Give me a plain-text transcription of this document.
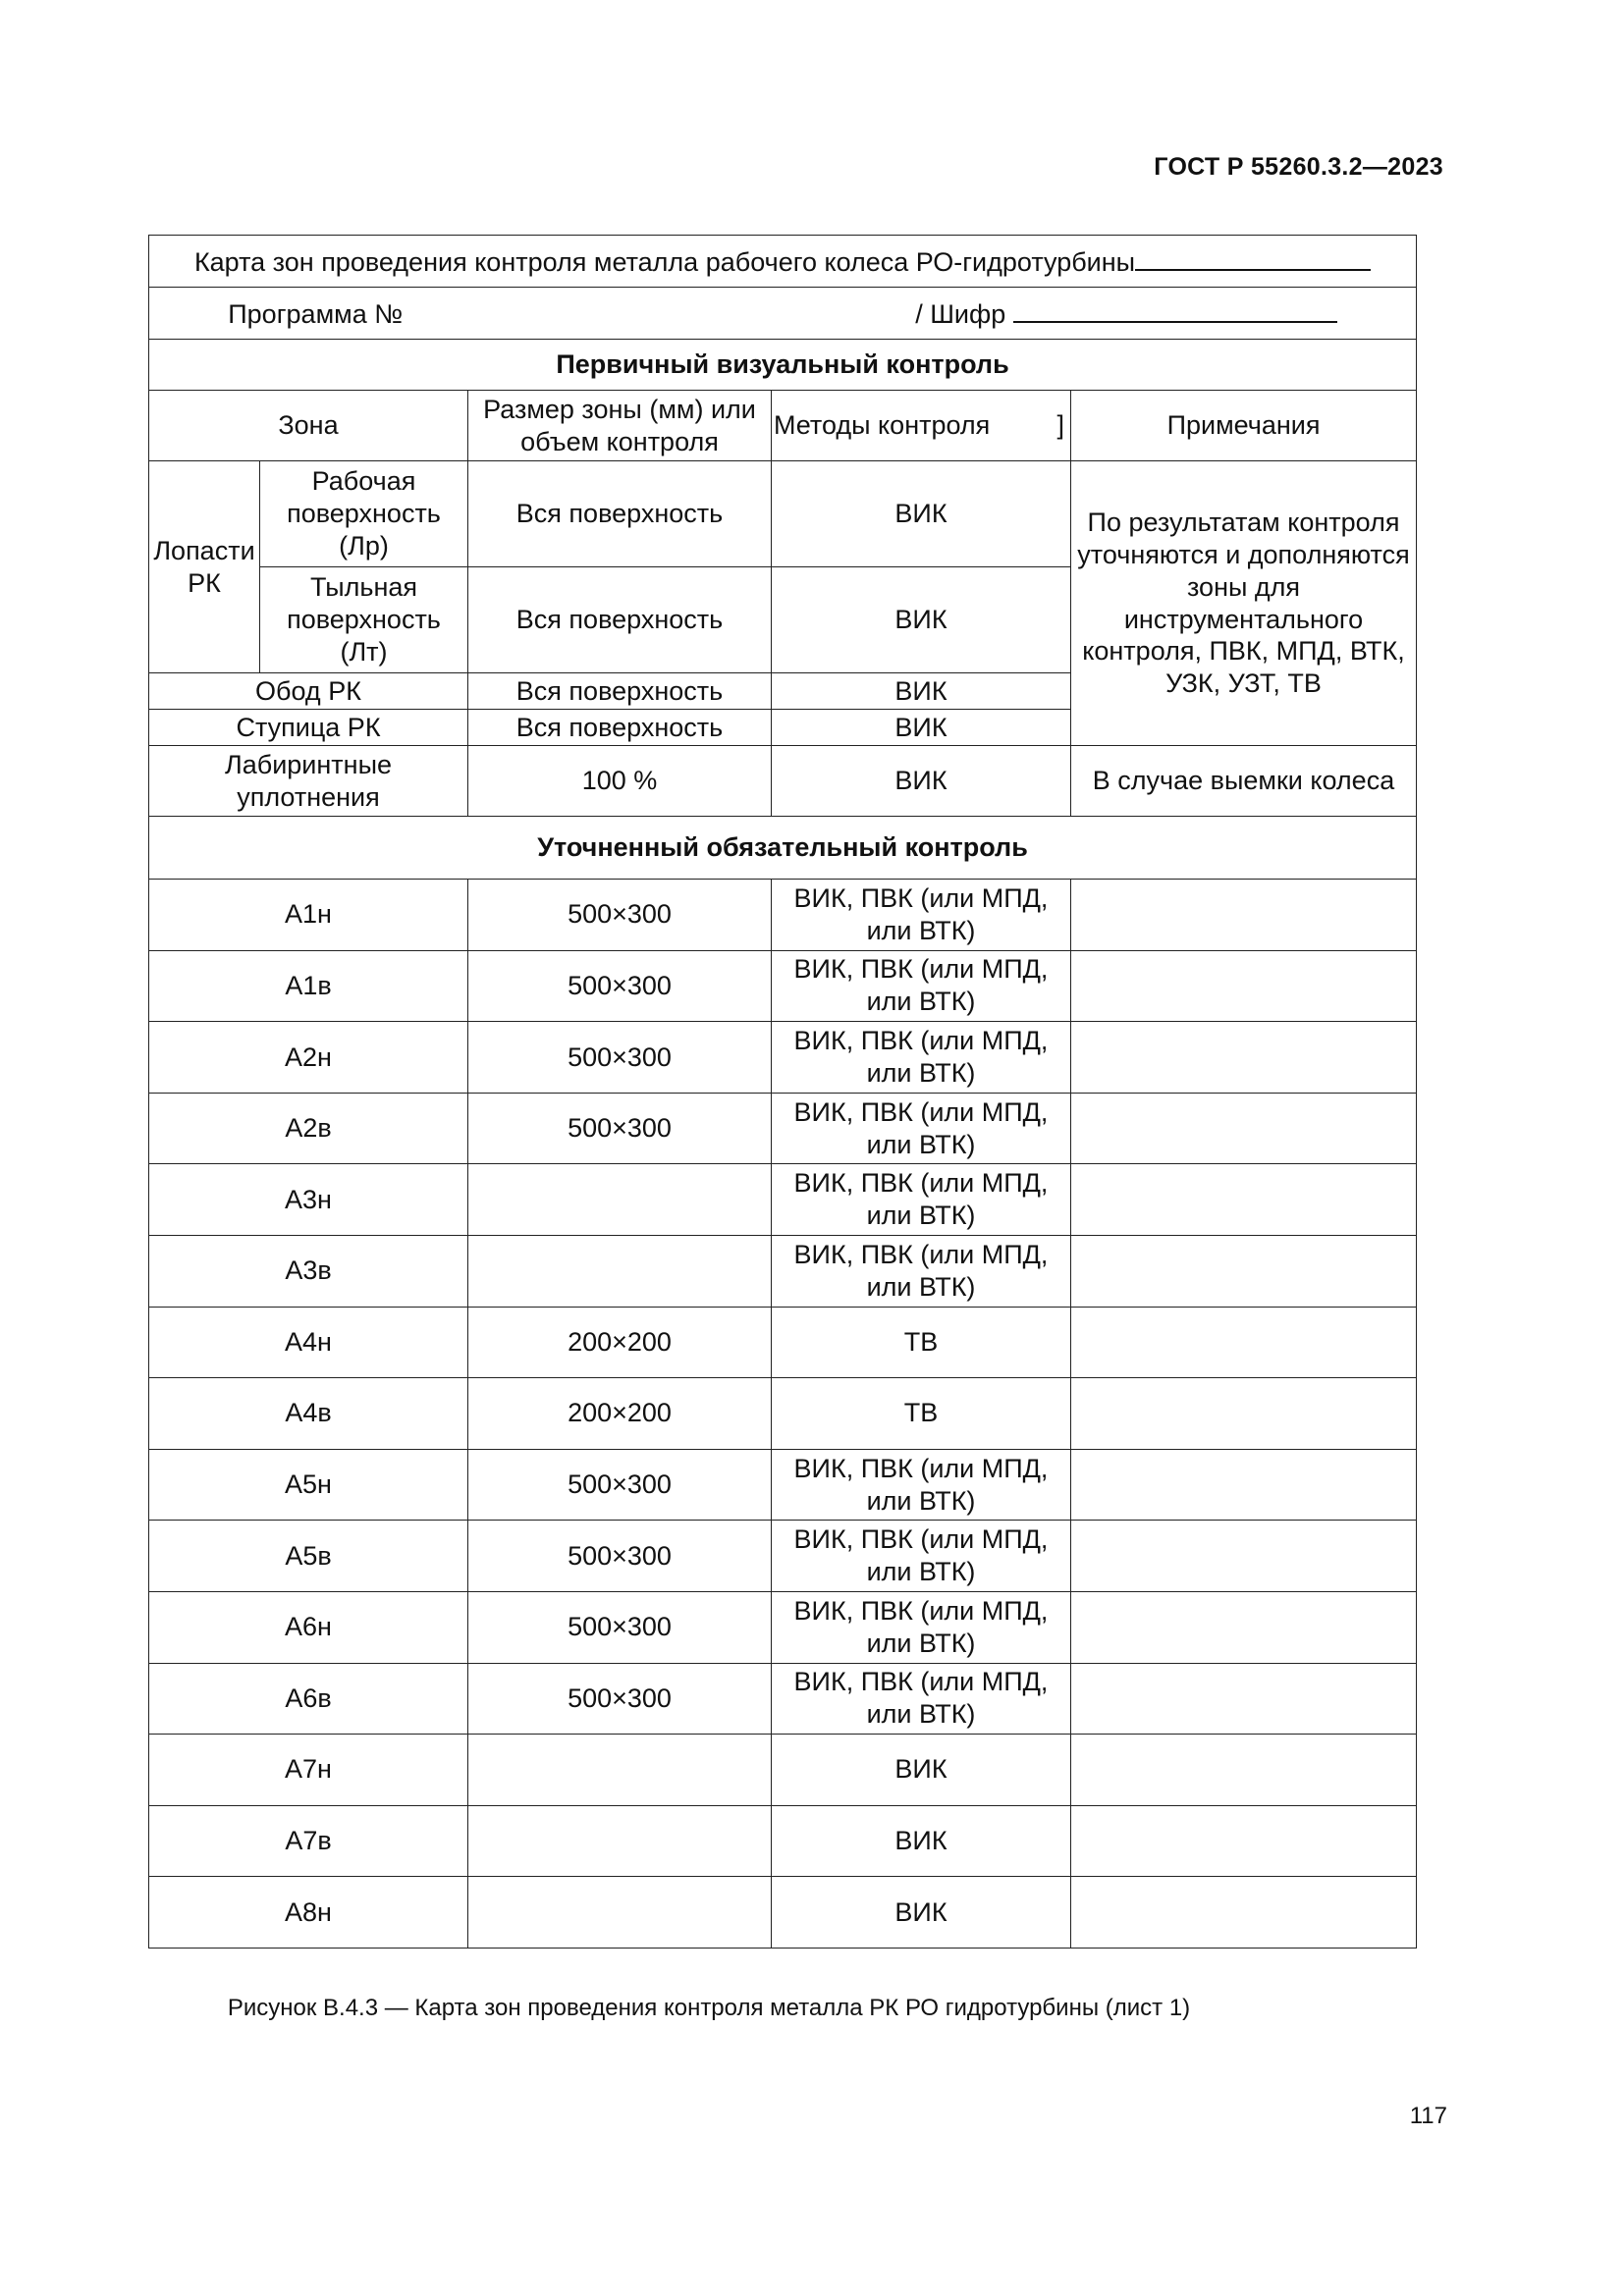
ГОСТ Р 55260.3.2—2023
Карта зон проведения контроля металла рабочего колеса РО-гидротурбины				
Программа № / Шифр				
Первичный визуальный контроль				
Зона		Размер зоны (мм) или объем контроля	Методы контроля ]	Примечания
Лопасти РК	Рабочая поверхность (Лр)	Вся поверхность	ВИК	По результатам контроля уточняются и дополняются зоны для инструментального контроля, ПВК, МПД, ВТК, УЗК, УЗТ, ТВ
	Тыльная поверхность (Лт)	Вся поверхность	ВИК	
Обод РК		Вся поверхность	ВИК	
Ступица РК		Вся поверхность	ВИК	
Лабиринтные уплотнения		100 %	ВИК	В случае выемки колеса
Уточненный обязательный контроль				
А1н		500×300	ВИК, ПВК (или МПД, или ВТК)	
А1в		500×300	ВИК, ПВК (или МПД, или ВТК)	
А2н		500×300	ВИК, ПВК (или МПД, или ВТК)	
А2в		500×300	ВИК, ПВК (или МПД, или ВТК)	
А3н			ВИК, ПВК (или МПД, или ВТК)	
А3в			ВИК, ПВК (или МПД, или ВТК)	
А4н		200×200	ТВ	
А4в		200×200	ТВ	
А5н		500×300	ВИК, ПВК (или МПД, или ВТК)	
А5в		500×300	ВИК, ПВК (или МПД, или ВТК)	
А6н		500×300	ВИК, ПВК (или МПД, или ВТК)	
А6в		500×300	ВИК, ПВК (или МПД, или ВТК)	
А7н			ВИК	
А7в			ВИК	
А8н			ВИК	
Рисунок В.4.3 — Карта зон проведения контроля металла РК РО гидротурбины (лист 1)
117
